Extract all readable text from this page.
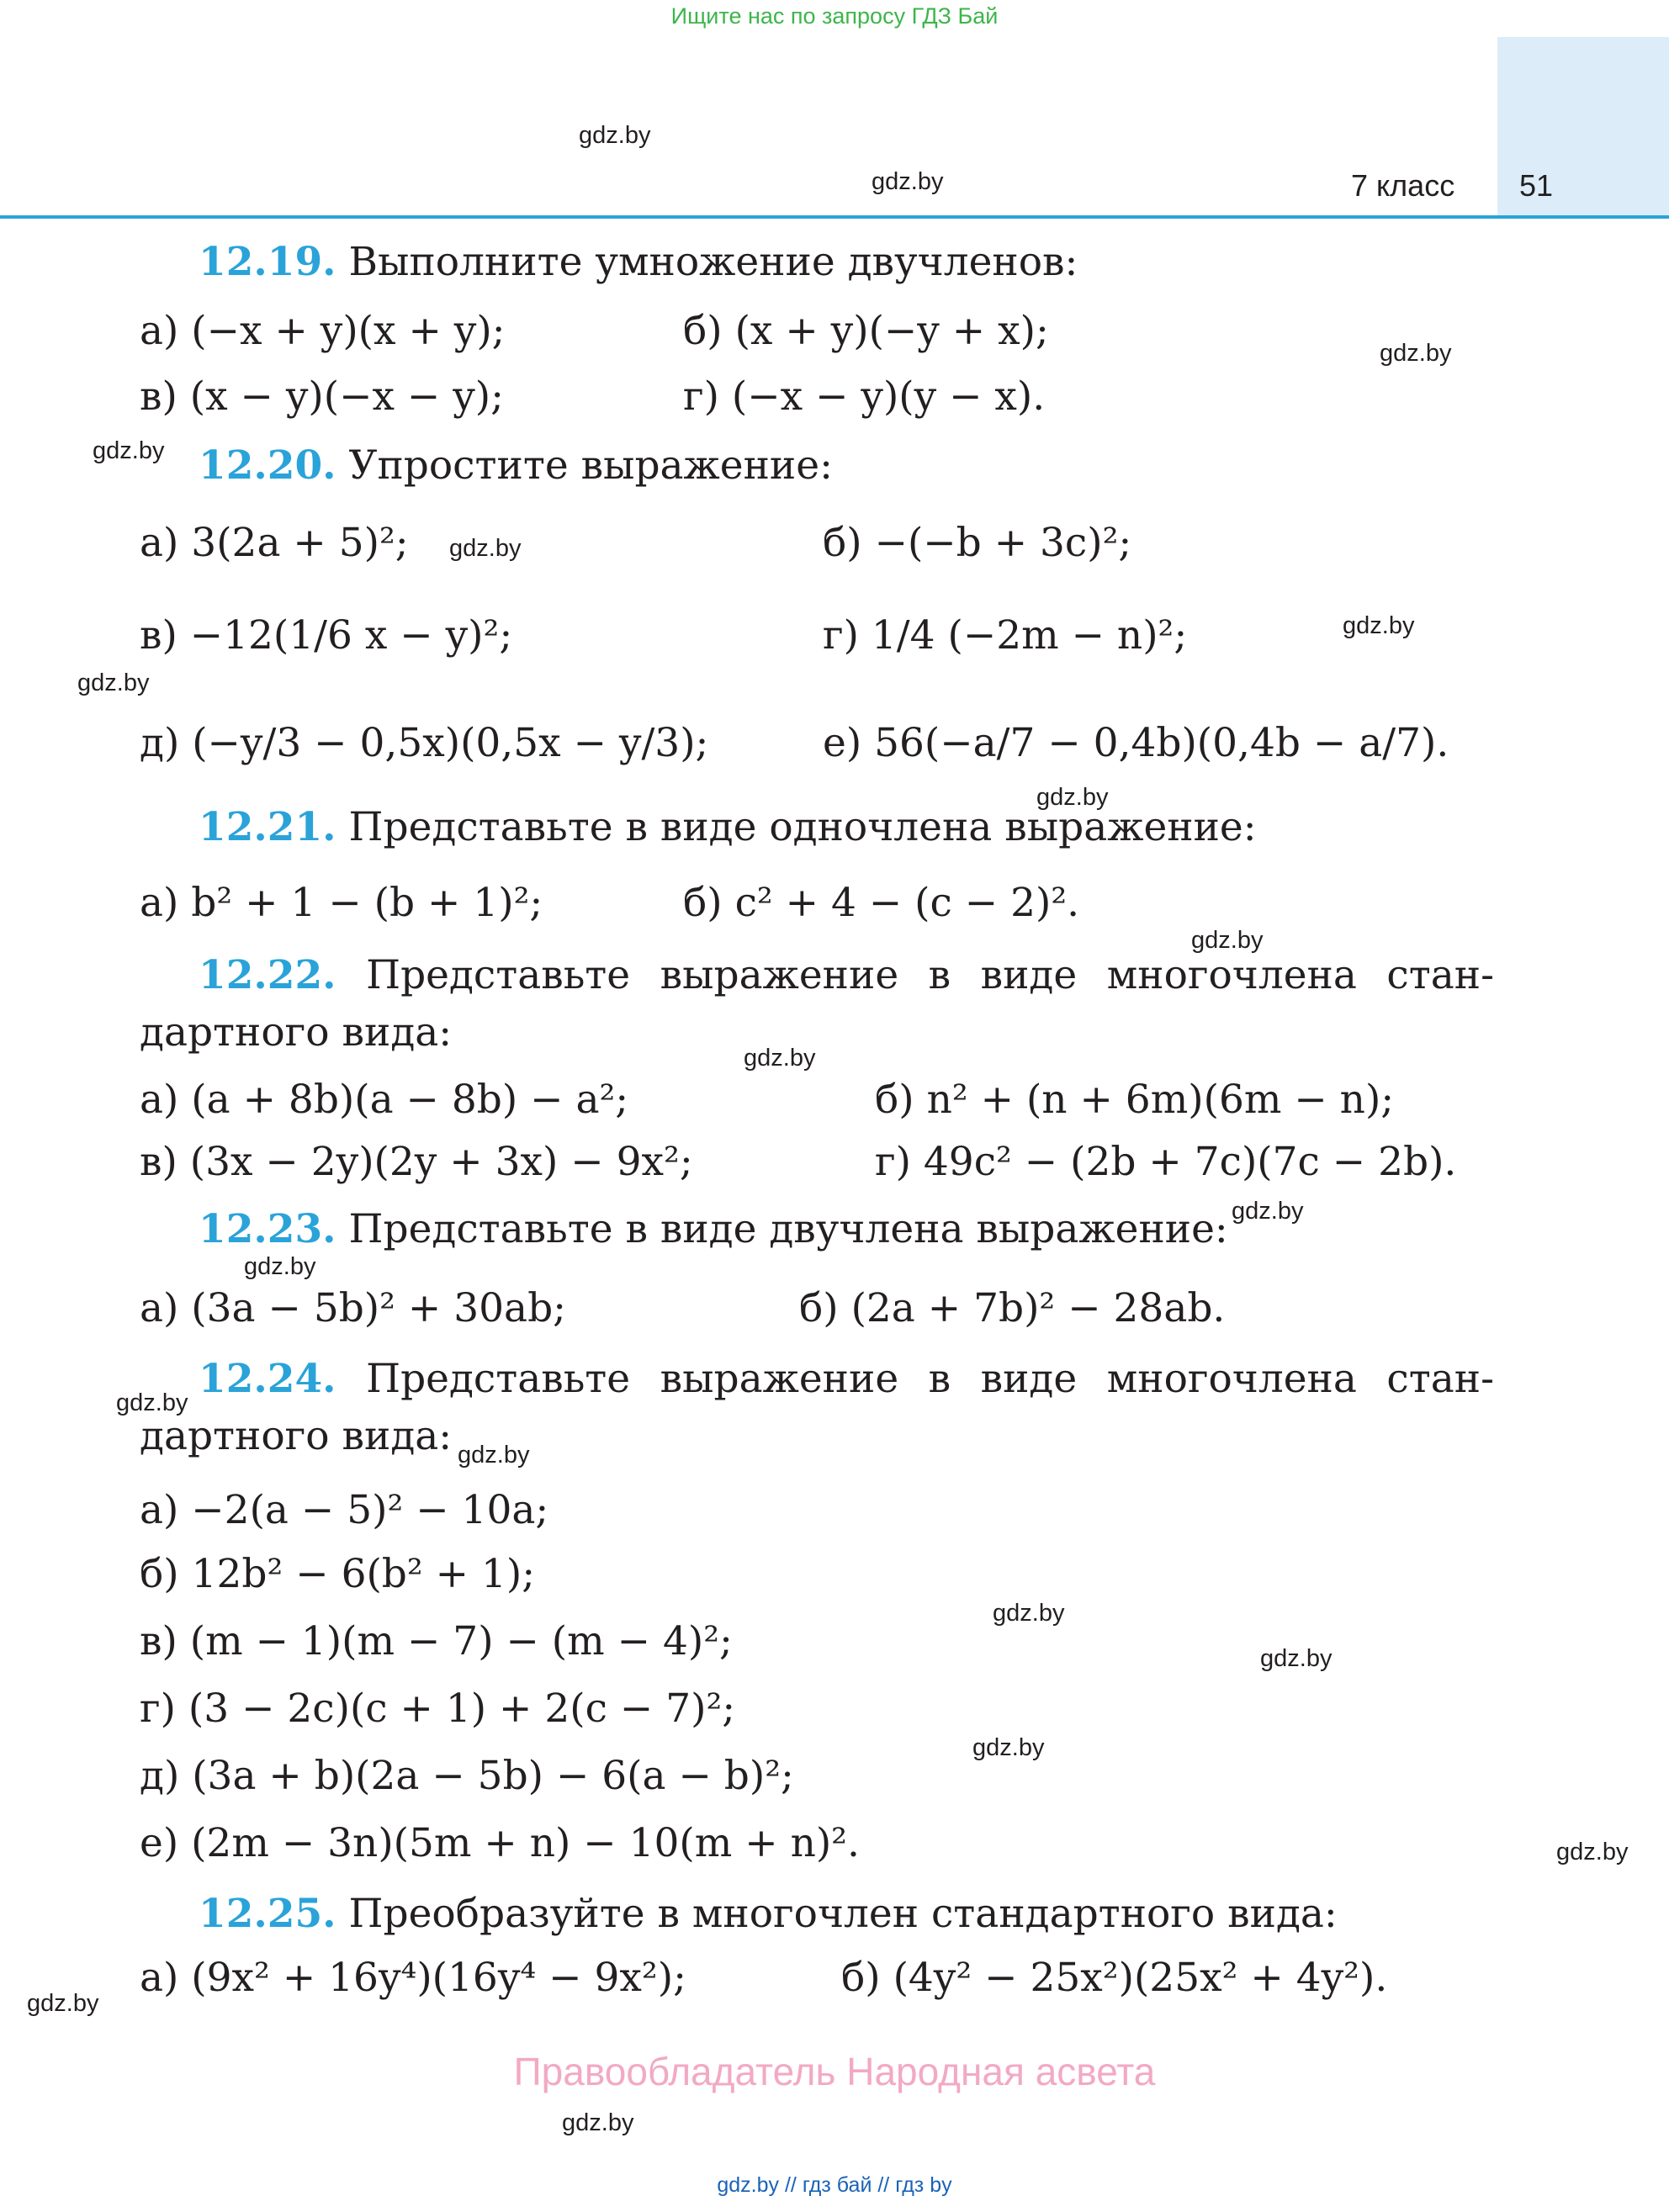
Ищите нас по запросу ГДЗ Бай
7 класс 51
gdz.by
gdz.by
gdz.by
gdz.by
gdz.by
gdz.by
gdz.by
gdz.by
gdz.by
gdz.by
gdz.by
gdz.by
gdz.by
gdz.by
gdz.by
gdz.by
gdz.by
gdz.by
gdz.by
gdz.by
12.19. Выполните умножение двучленов:
а) (−x + y)(x + y);	б) (x + y)(−y + x);
в) (x − y)(−x − y);	г) (−x − y)(y − x).
12.20. Упростите выражение:
а) 3(2a + 5)²;	б) −(−b + 3c)²;
в) −12(1/6 x − y)²;	г) 1/4 (−2m − n)²;
д) (−y/3 − 0,5x)(0,5x − y/3);	е) 56(−a/7 − 0,4b)(0,4b − a/7).
12.21. Представьте в виде одночлена выражение:
а) b² + 1 − (b + 1)²;	б) c² + 4 − (c − 2)².
12.22. Представьте выражение в виде многочлена стан-
дартного вида:
а) (a + 8b)(a − 8b) − a²;	б) n² + (n + 6m)(6m − n);
в) (3x − 2y)(2y + 3x) − 9x²;	г) 49c² − (2b + 7c)(7c − 2b).
12.23. Представьте в виде двучлена выражение:
а) (3a − 5b)² + 30ab;	б) (2a + 7b)² − 28ab.
12.24. Представьте выражение в виде многочлена стан-
дартного вида:
а) −2(a − 5)² − 10a;
б) 12b² − 6(b² + 1);
в) (m − 1)(m − 7) − (m − 4)²;
г) (3 − 2c)(c + 1) + 2(c − 7)²;
д) (3a + b)(2a − 5b) − 6(a − b)²;
е) (2m − 3n)(5m + n) − 10(m + n)².
12.25. Преобразуйте в многочлен стандартного вида:
а) (9x² + 16y⁴)(16y⁴ − 9x²);	б) (4y² − 25x²)(25x² + 4y²).
Правообладатель Народная асвета
gdz.by // гдз бай // гдз by
